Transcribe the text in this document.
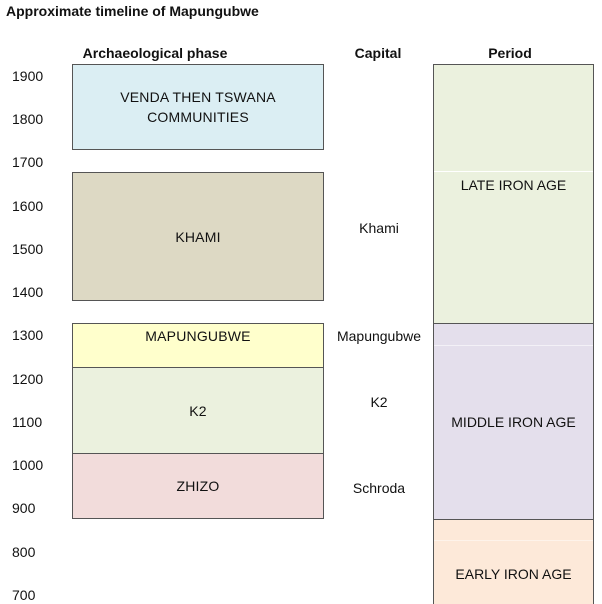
Approximate timeline of Mapungubwe
Archaeological phase	Capital	Period
1900
1800
1700
1600
1500
1400
1300
1200
1100
1000
900
800
700
VENDA THEN TSWANA
COMMUNITIES
KHAMI
MAPUNGUBWE
K2
ZHIZO
Khami
Mapungubwe
K2
Schroda
LATE IRON AGE
MIDDLE IRON AGE
EARLY IRON AGE
